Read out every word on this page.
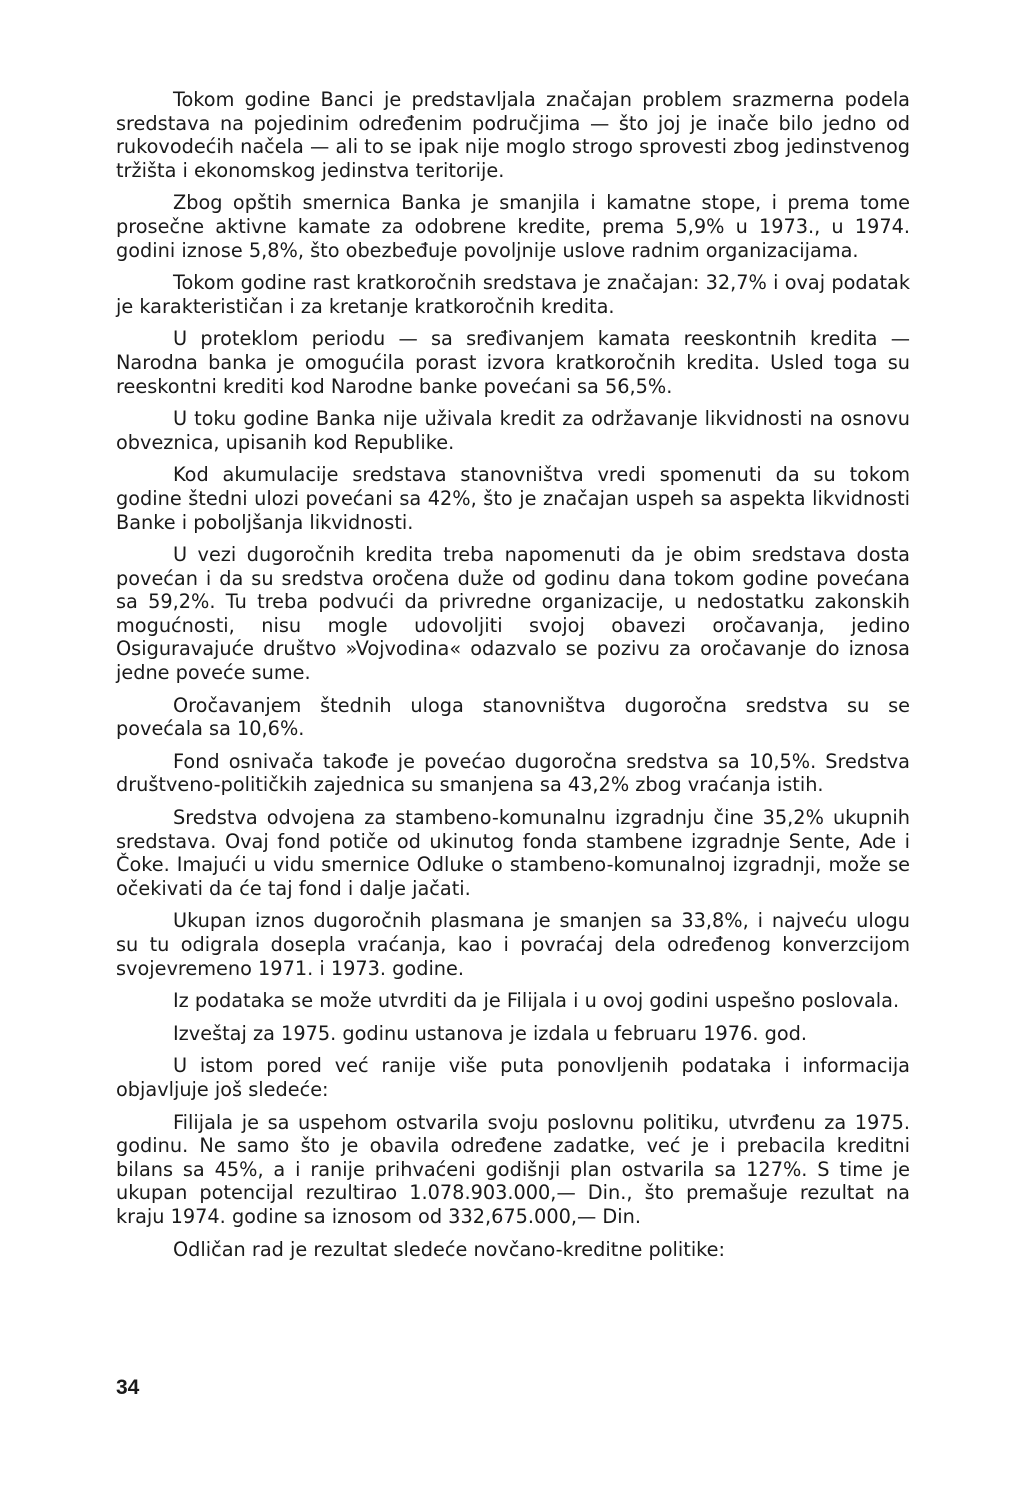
Tokom godine Banci je predstavljala značajan problem srazmerna podela sredstava na pojedinim određenim područjima — što joj je inače bilo jedno od rukovodećih načela — ali to se ipak nije moglo strogo sprovesti zbog jedinstvenog tržišta i ekonomskog jedinstva teritorije.

Zbog opštih smernica Banka je smanjila i kamatne stope, i prema tome prosečne aktivne kamate za odobrene kredite, prema 5,9% u 1973., u 1974. godini iznose 5,8%, što obezbeđuje povoljnije uslove radnim organizacijama.

Tokom godine rast kratkoročnih sredstava je značajan: 32,7% i ovaj podatak je karakterističan i za kretanje kratkoročnih kredita.

U proteklom periodu — sa sređivanjem kamata reeskontnih kredita — Narodna banka je omogućila porast izvora kratkoročnih kredita. Usled toga su reeskontni krediti kod Narodne banke povećani sa 56,5%.

U toku godine Banka nije uživala kredit za održavanje likvidnosti na osnovu obveznica, upisanih kod Republike.

Kod akumulacije sredstava stanovništva vredi spomenuti da su tokom godine štedni ulozi povećani sa 42%, što je značajan uspeh sa aspekta likvidnosti Banke i poboljšanja likvidnosti.

U vezi dugoročnih kredita treba napomenuti da je obim sredstava dosta povećan i da su sredstva oročena duže od godinu dana tokom godine povećana sa 59,2%. Tu treba podvući da privredne organizacije, u nedostatku zakonskih mogućnosti, nisu mogle udovoljiti svojoj obavezi oročavanja, jedino Osiguravajuće društvo »Vojvodina« odazvalo se pozivu za oročavanje do iznosa jedne poveće sume.

Oročavanjem štednih uloga stanovništva dugoročna sredstva su se povećala sa 10,6%.

Fond osnivača takođe je povećao dugoročna sredstva sa 10,5%. Sredstva društveno-političkih zajednica su smanjena sa 43,2% zbog vraćanja istih.

Sredstva odvojena za stambeno-komunalnu izgradnju čine 35,2% ukupnih sredstava. Ovaj fond potiče od ukinutog fonda stambene izgradnje Sente, Ade i Čoke. Imajući u vidu smernice Odluke o stambeno-komunalnoj izgradnji, može se očekivati da će taj fond i dalje jačati.

Ukupan iznos dugoročnih plasmana je smanjen sa 33,8%, i najveću ulogu su tu odigrala dosepla vraćanja, kao i povraćaj dela određenog konverzcijom svojevremeno 1971. i 1973. godine.

Iz podataka se može utvrditi da je Filijala i u ovoj godini uspešno poslovala.

Izveštaj za 1975. godinu ustanova je izdala u februaru 1976. god.

U istom pored već ranije više puta ponovljenih podataka i informacija objavljuje još sledeće:

Filijala je sa uspehom ostvarila svoju poslovnu politiku, utvrđenu za 1975. godinu. Ne samo što je obavila određene zadatke, već je i prebacila kreditni bilans sa 45%, a i ranije prihvaćeni godišnji plan ostvarila sa 127%. S time je ukupan potencijal rezultirao 1.078.903.000,— Din., što premašuje rezultat na kraju 1974. godine sa iznosom od 332,675.000,— Din.

Odličan rad je rezultat sledeće novčano-kreditne politike:

34
